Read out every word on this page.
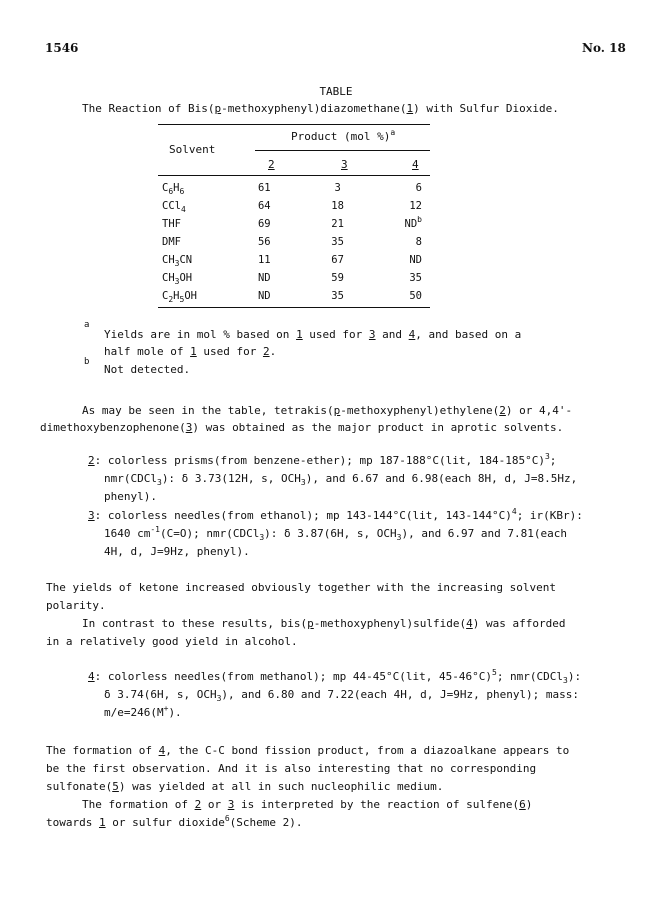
1546	No. 18
TABLE
The Reaction of Bis(p-methoxyphenyl)diazomethane(1) with Sulfur Dioxide.
Solvent
Product (mol %)$^a$
2	3	4
$C_6H_6$	61	3	6
CCl$_4$	64	18	12
THF	69	21	$ND^b$
DMF	56	35	8
$CH_3CN$	11	67	ND
$CH_3OH$	ND	59	35
$C_2H_5OH$	ND	35	50
a
Yields are in mol % based on 1 used for 3 and 4, and based on a
half mole of 1 used for 2.
b
Not detected.
As may be seen in the table, tetrakis(p-methoxyphenyl)ethylene(2) or 4,4'-
dimethoxybenzophenone(3) was obtained as the major product in aprotic solvents.
2: colorless prisms(from benzene-ether); mp 187-188°C(lit, 184-185°C)$^3$;
nmr(CDCl$_3$): δ 3.73(12H, s, $OCH_3$), and 6.67 and 6.98(each 8H, d, J=8.5Hz,
phenyl).
3: colorless needles(from ethanol); mp 143-144°C(lit, 143-144°C)$^4$; ir(KBr):
1640 $cm^{-1}(C=O)$; nmr(CDCl$_3$): δ 3.87(6H, s, $OCH_3$), and 6.97 and 7.81(each
4H, d, J=9Hz, phenyl).
The yields of ketone increased obviously together with the increasing solvent
polarity.
In contrast to these results, bis(p-methoxyphenyl)sulfide(4) was afforded
in a relatively good yield in alcohol.
4: colorless needles(from methanol); mp 44-45°C(lit, 45-46°C)$^5$; nmr(CDCl$_3$):
δ 3.74(6H, s, $OCH_3$), and 6.80 and 7.22(each 4H, d, J=9Hz, phenyl); mass:
m/e=246(M+).
The formation of 4, the C-C bond fission product, from a diazoalkane appears to
be the first observation. And it is also interesting that no corresponding
sulfonate(5) was yielded at all in such nucleophilic medium.
The formation of 2 or 3 is interpreted by the reaction of sulfene(6)
towards 1 or sulfur dioxide$^6$(Scheme 2).
